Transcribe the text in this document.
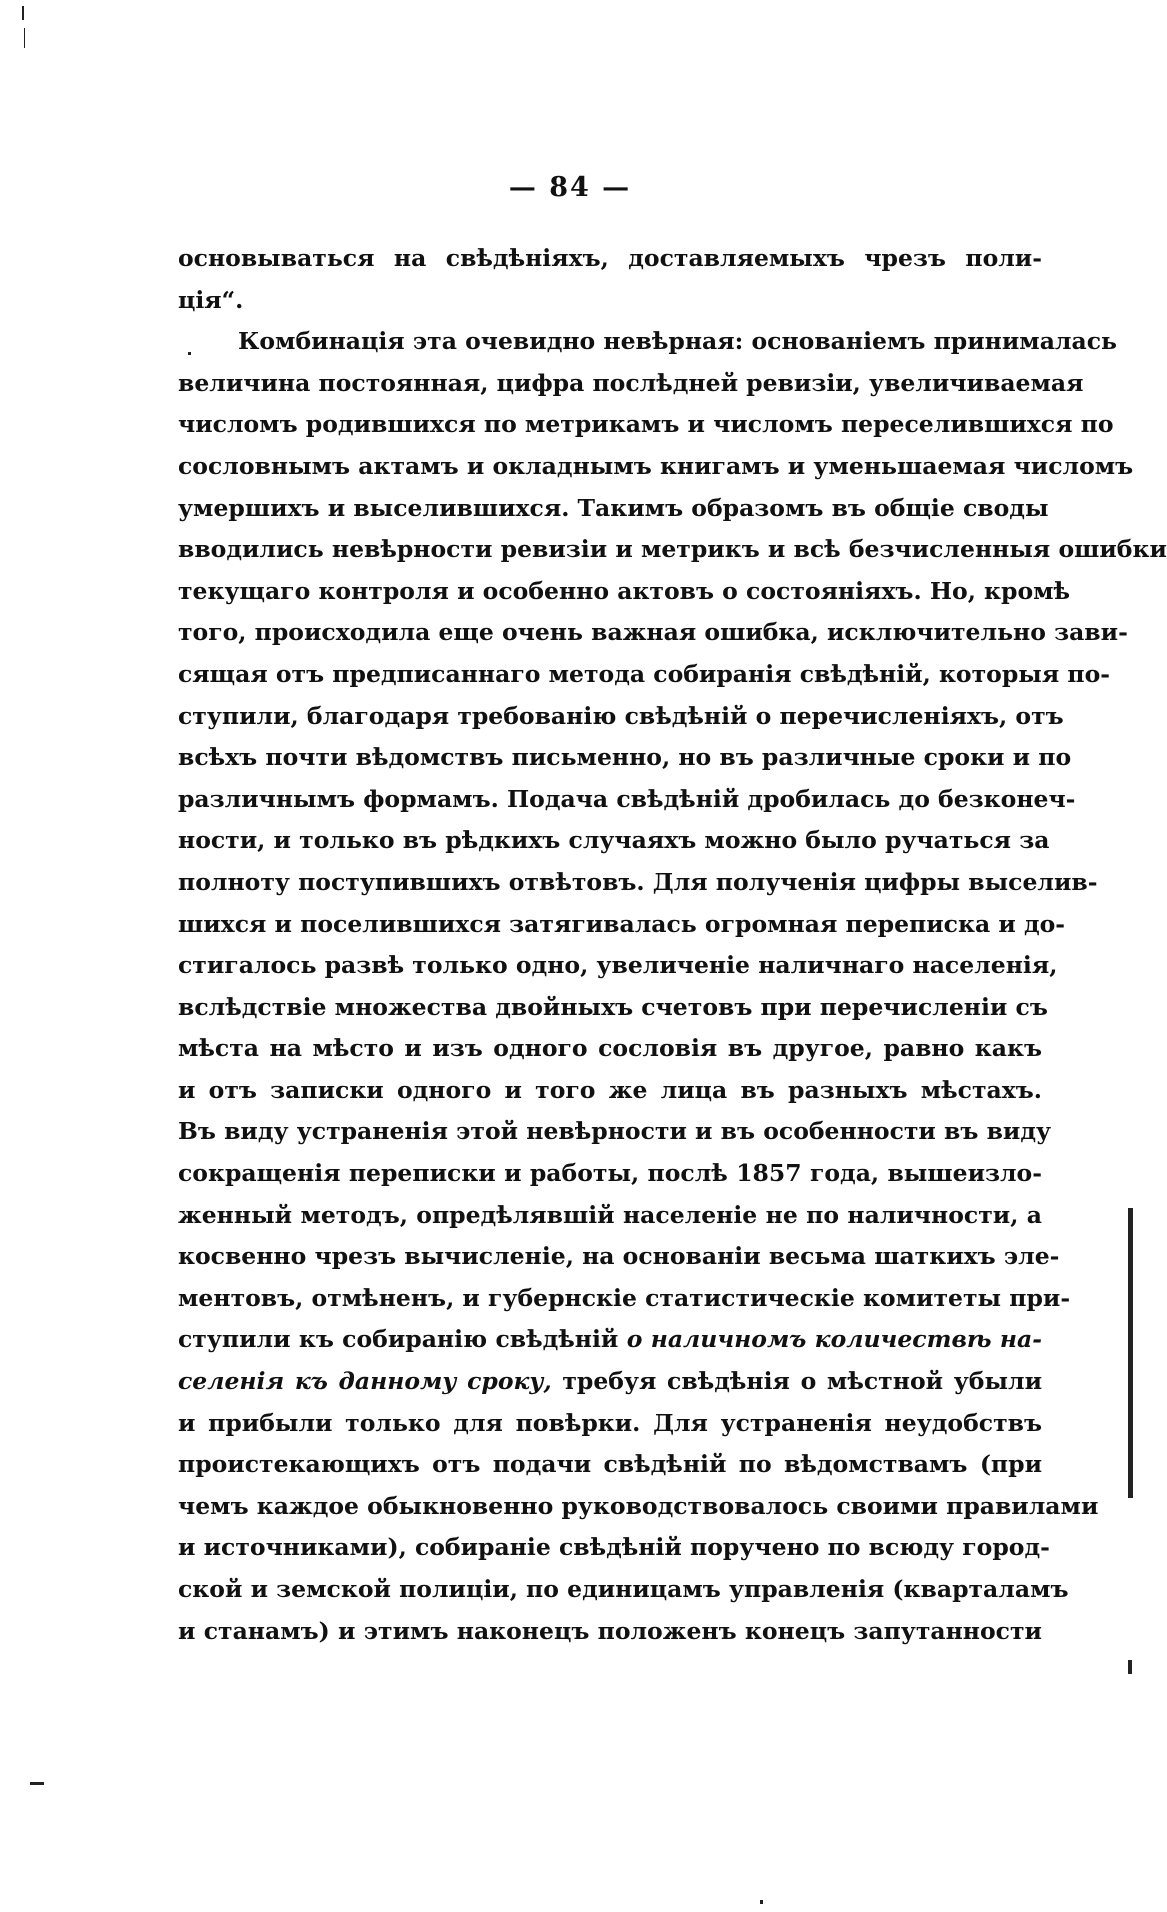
— 84 —
основываться на свѣдѣніяхъ, доставляемыхъ чрезъ поли-
ція“.
Комбинація эта очевидно невѣрная: основаніемъ принималась
величина постоянная, цифра послѣдней ревизіи, увеличиваемая
числомъ родившихся по метрикамъ и числомъ переселившихся по
сословнымъ актамъ и окладнымъ книгамъ и уменьшаемая числомъ
умершихъ и выселившихся. Такимъ образомъ въ общіе своды
вводились невѣрности ревизіи и метрикъ и всѣ безчисленныя ошибки
текущаго контроля и особенно актовъ о состояніяхъ. Но, кромѣ
того, происходила еще очень важная ошибка, исключительно зави-
сящая отъ предписаннаго метода собиранія свѣдѣній, которыя по-
ступили, благодаря требованію свѣдѣній о перечисленіяхъ, отъ
всѣхъ почти вѣдомствъ письменно, но въ различные сроки и по
различнымъ формамъ. Подача свѣдѣній дробилась до безконеч-
ности, и только въ рѣдкихъ случаяхъ можно было ручаться за
полноту поступившихъ отвѣтовъ. Для полученія цифры выселив-
шихся и поселившихся затягивалась огромная переписка и до-
стигалось развѣ только одно, увеличеніе наличнаго населенія,
вслѣдствіе множества двойныхъ счетовъ при перечисленіи съ
мѣста на мѣсто и изъ одного сословія въ другое, равно какъ
и отъ записки одного и того же лица въ разныхъ мѣстахъ.
Въ виду устраненія этой невѣрности и въ особенности въ виду
сокращенія переписки и работы, послѣ 1857 года, вышеизло-
женный методъ, опредѣлявшій населеніе не по наличности, а
косвенно чрезъ вычисленіе, на основаніи весьма шаткихъ эле-
ментовъ, отмѣненъ, и губернскіе статистическіе комитеты при-
ступили къ собиранію свѣдѣній о наличномъ количествѣ на-
селенія къ данному сроку, требуя свѣдѣнія о мѣстной убыли
и прибыли только для повѣрки. Для устраненія неудобствъ
проистекающихъ отъ подачи свѣдѣній по вѣдомствамъ (при
чемъ каждое обыкновенно руководствовалось своими правилами
и источниками), собираніе свѣдѣній поручено по всюду город-
ской и земской полиціи, по единицамъ управленія (кварталамъ
и станамъ) и этимъ наконецъ положенъ конецъ запутанности
